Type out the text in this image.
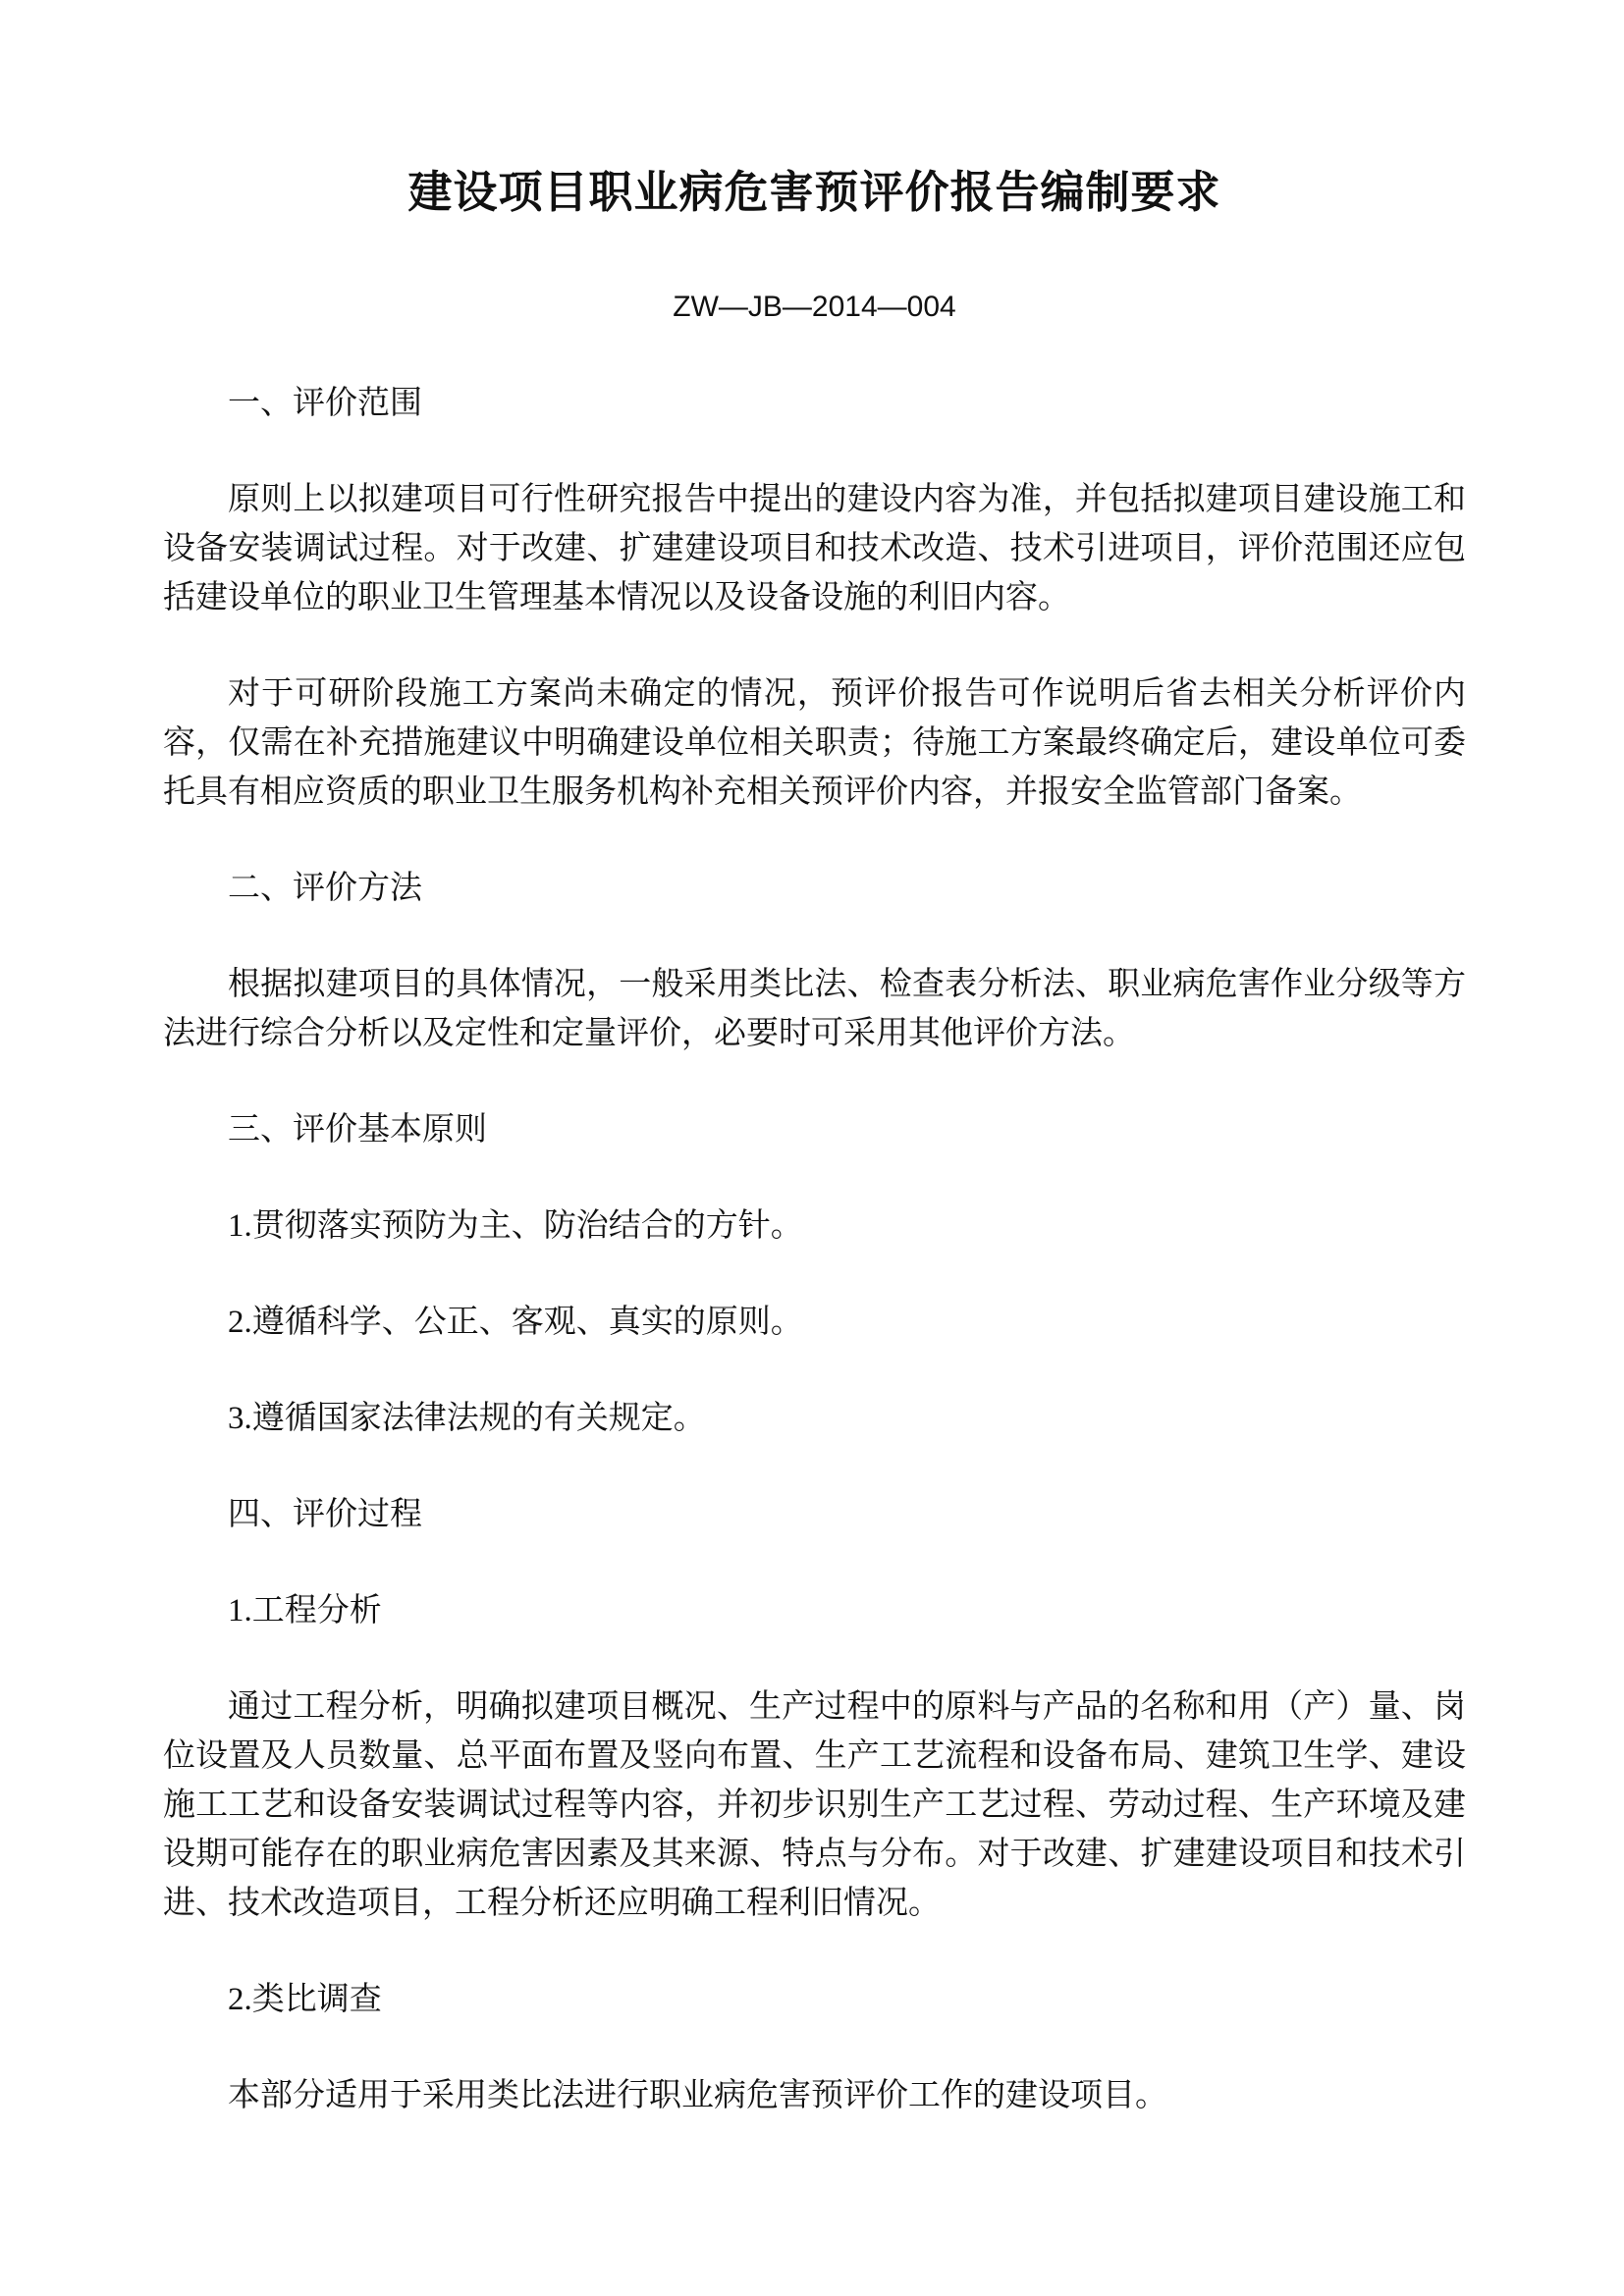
建设项目职业病危害预评价报告编制要求

ZW—JB—2014—004

一、评价范围

原则上以拟建项目可行性研究报告中提出的建设内容为准，并包括拟建项目建设施工和设备安装调试过程。对于改建、扩建建设项目和技术改造、技术引进项目，评价范围还应包括建设单位的职业卫生管理基本情况以及设备设施的利旧内容。

对于可研阶段施工方案尚未确定的情况，预评价报告可作说明后省去相关分析评价内容，仅需在补充措施建议中明确建设单位相关职责；待施工方案最终确定后，建设单位可委托具有相应资质的职业卫生服务机构补充相关预评价内容，并报安全监管部门备案。

二、评价方法

根据拟建项目的具体情况，一般采用类比法、检查表分析法、职业病危害作业分级等方法进行综合分析以及定性和定量评价，必要时可采用其他评价方法。

三、评价基本原则

1.贯彻落实预防为主、防治结合的方针。

2.遵循科学、公正、客观、真实的原则。

3.遵循国家法律法规的有关规定。

四、评价过程

1.工程分析

通过工程分析，明确拟建项目概况、生产过程中的原料与产品的名称和用（产）量、岗位设置及人员数量、总平面布置及竖向布置、生产工艺流程和设备布局、建筑卫生学、建设施工工艺和设备安装调试过程等内容，并初步识别生产工艺过程、劳动过程、生产环境及建设期可能存在的职业病危害因素及其来源、特点与分布。对于改建、扩建建设项目和技术引进、技术改造项目，工程分析还应明确工程利旧情况。

2.类比调查

本部分适用于采用类比法进行职业病危害预评价工作的建设项目。
